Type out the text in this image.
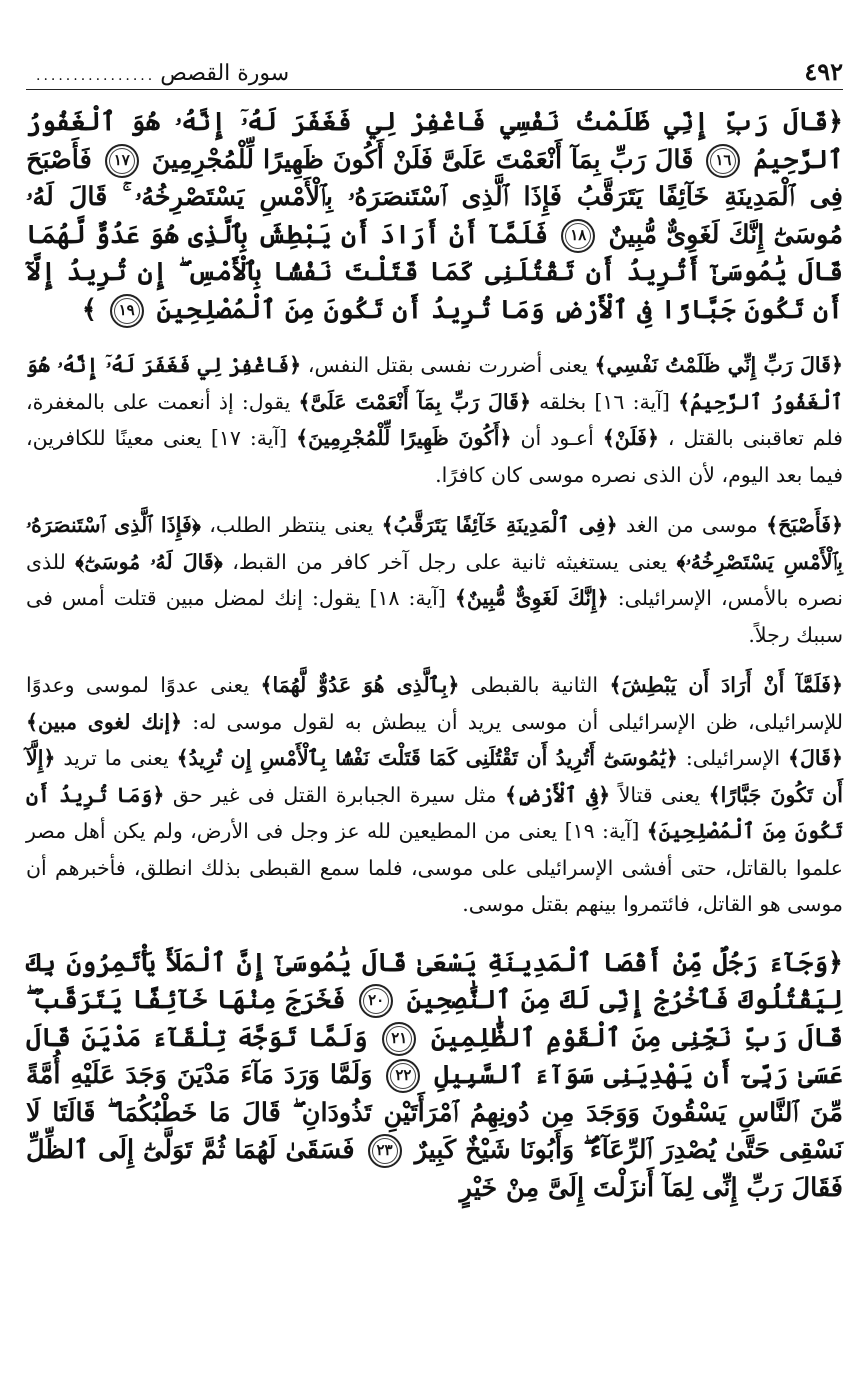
٤٩٢
سورة القصص ................
﴿قَالَ رَبِّ إِنِّي ظَلَمْتُ نَفْسِي فَاغْفِرْ لِي فَغَفَرَ لَهُۥٓ إِنَّهُۥ هُوَ ٱلْغَفُورُ ٱلرَّحِيمُ ١٦ قَالَ رَبِّ بِمَآ أَنْعَمْتَ عَلَىَّ فَلَنْ أَكُونَ ظَهِيرًا لِّلْمُجْرِمِينَ ١٧ فَأَصْبَحَ فِى ٱلْمَدِينَةِ خَآئِفًا يَتَرَقَّبُ فَإِذَا ٱلَّذِى ٱسْتَنصَرَهُۥ بِٱلْأَمْسِ يَسْتَصْرِخُهُۥ ۚ قَالَ لَهُۥ مُوسَىٰٓ إِنَّكَ لَغَوِىٌّ مُّبِينٌ ١٨ فَلَمَّآ أَنْ أَرَادَ أَن يَبْطِشَ بِٱلَّذِى هُوَ عَدُوٌّ لَّهُمَا قَالَ يَٰمُوسَىٰٓ أَتُرِيدُ أَن تَقْتُلَنِى كَمَا قَتَلْتَ نَفْسًۢا بِٱلْأَمْسِ ۖ إِن تُرِيدُ إِلَّآ أَن تَكُونَ جَبَّارًا فِى ٱلْأَرْضِ وَمَا تُرِيدُ أَن تَكُونَ مِنَ ٱلْمُصْلِحِينَ ١٩ ﴾
﴿قَالَ رَبِّ إِنِّي ظَلَمْتُ نَفْسِي﴾ يعنى أضررت نفسى بقتل النفس، ﴿فَاغْفِرْ لِي فَغَفَرَ لَهُۥٓ إِنَّهُۥ هُوَ ٱلْغَفُورُ ٱلرَّحِيمُ﴾ [آية: ١٦] بخلقه ﴿قَالَ رَبِّ بِمَآ أَنْعَمْتَ عَلَىَّ﴾ يقول: إذ أنعمت على بالمغفرة، فلم تعاقبنى بالقتل ، ﴿فَلَنْ﴾ أعـود أن ﴿أَكُونَ ظَهِيرًا لِّلْمُجْرِمِينَ﴾ [آية: ١٧] يعنى معينًا للكافرين، فيما بعد اليوم، لأن الذى نصره موسى كان كافرًا.
﴿فَأَصْبَحَ﴾ موسى من الغد ﴿فِى ٱلْمَدِينَةِ خَآئِفًا يَتَرَقَّبُ﴾ يعنى ينتظر الطلب، ﴿فَإِذَا ٱلَّذِى ٱسْتَنصَرَهُۥ بِٱلْأَمْسِ يَسْتَصْرِخُهُۥ﴾ يعنى يستغيثه ثانية على رجل آخر كافر من القبط، ﴿قَالَ لَهُۥ مُوسَىٰٓ﴾ للذى نصره بالأمس، الإسرائيلى: ﴿إِنَّكَ لَغَوِىٌّ مُّبِينٌ﴾ [آية: ١٨] يقول: إنك لمضل مبين قتلت أمس فى سببك رجلاً.
﴿فَلَمَّآ أَنْ أَرَادَ أَن يَبْطِشَ﴾ الثانية بالقبطى ﴿بِٱلَّذِى هُوَ عَدُوٌّ لَّهُمَا﴾ يعنى عدوًا لموسى وعدوًا للإسرائيلى، ظن الإسرائيلى أن موسى يريد أن يبطش به لقول موسى له: ﴿إنك لغوى مبين﴾ ﴿قَالَ﴾ الإسرائيلى: ﴿يَٰمُوسَىٰٓ أَتُرِيدُ أَن تَقْتُلَنِى كَمَا قَتَلْتَ نَفْسًۢا بِٱلْأَمْسِ إِن تُرِيدُ﴾ يعنى ما تريد ﴿إِلَّآ أَن تَكُونَ جَبَّارًا﴾ يعنى قتالاً ﴿فِى ٱلْأَرْضِ﴾ مثل سيرة الجبابرة القتل فى غير حق ﴿وَمَا تُرِيدُ أَن تَكُونَ مِنَ ٱلْمُصْلِحِينَ﴾ [آية: ١٩] يعنى من المطيعين لله عز وجل فى الأرض، ولم يكن أهل مصر علموا بالقاتل، حتى أفشى الإسرائيلى على موسى، فلما سمع القبطى بذلك انطلق، فأخبرهم أن موسى هو القاتل، فائتمروا بينهم بقتل موسى.
﴿وَجَآءَ رَجُلٌ مِّنْ أَقْصَا ٱلْمَدِينَةِ يَسْعَىٰ قَالَ يَٰمُوسَىٰٓ إِنَّ ٱلْمَلَأَ يَأْتَمِرُونَ بِكَ لِيَقْتُلُوكَ فَٱخْرُجْ إِنِّى لَكَ مِنَ ٱلنَّٰصِحِينَ ٢٠ فَخَرَجَ مِنْهَا خَآئِفًا يَتَرَقَّبُ ۖ قَالَ رَبِّ نَجِّنِى مِنَ ٱلْقَوْمِ ٱلظَّٰلِمِينَ ٢١ وَلَمَّا تَوَجَّهَ تِلْقَآءَ مَدْيَنَ قَالَ عَسَىٰ رَبِّىٓ أَن يَهْدِيَنِى سَوَآءَ ٱلسَّبِيلِ ٢٢ وَلَمَّا وَرَدَ مَآءَ مَدْيَنَ وَجَدَ عَلَيْهِ أُمَّةً مِّنَ ٱلنَّاسِ يَسْقُونَ وَوَجَدَ مِن دُونِهِمُ ٱمْرَأَتَيْنِ تَذُودَانِ ۖ قَالَ مَا خَطْبُكُمَا ۖ قَالَتَا لَا نَسْقِى حَتَّىٰ يُصْدِرَ ٱلرِّعَآءُ ۖ وَأَبُونَا شَيْخٌ كَبِيرٌ ٢٣ فَسَقَىٰ لَهُمَا ثُمَّ تَوَلَّىٰٓ إِلَى ٱلظِّلِّ فَقَالَ رَبِّ إِنِّى لِمَآ أَنزَلْتَ إِلَىَّ مِنْ خَيْرٍ
